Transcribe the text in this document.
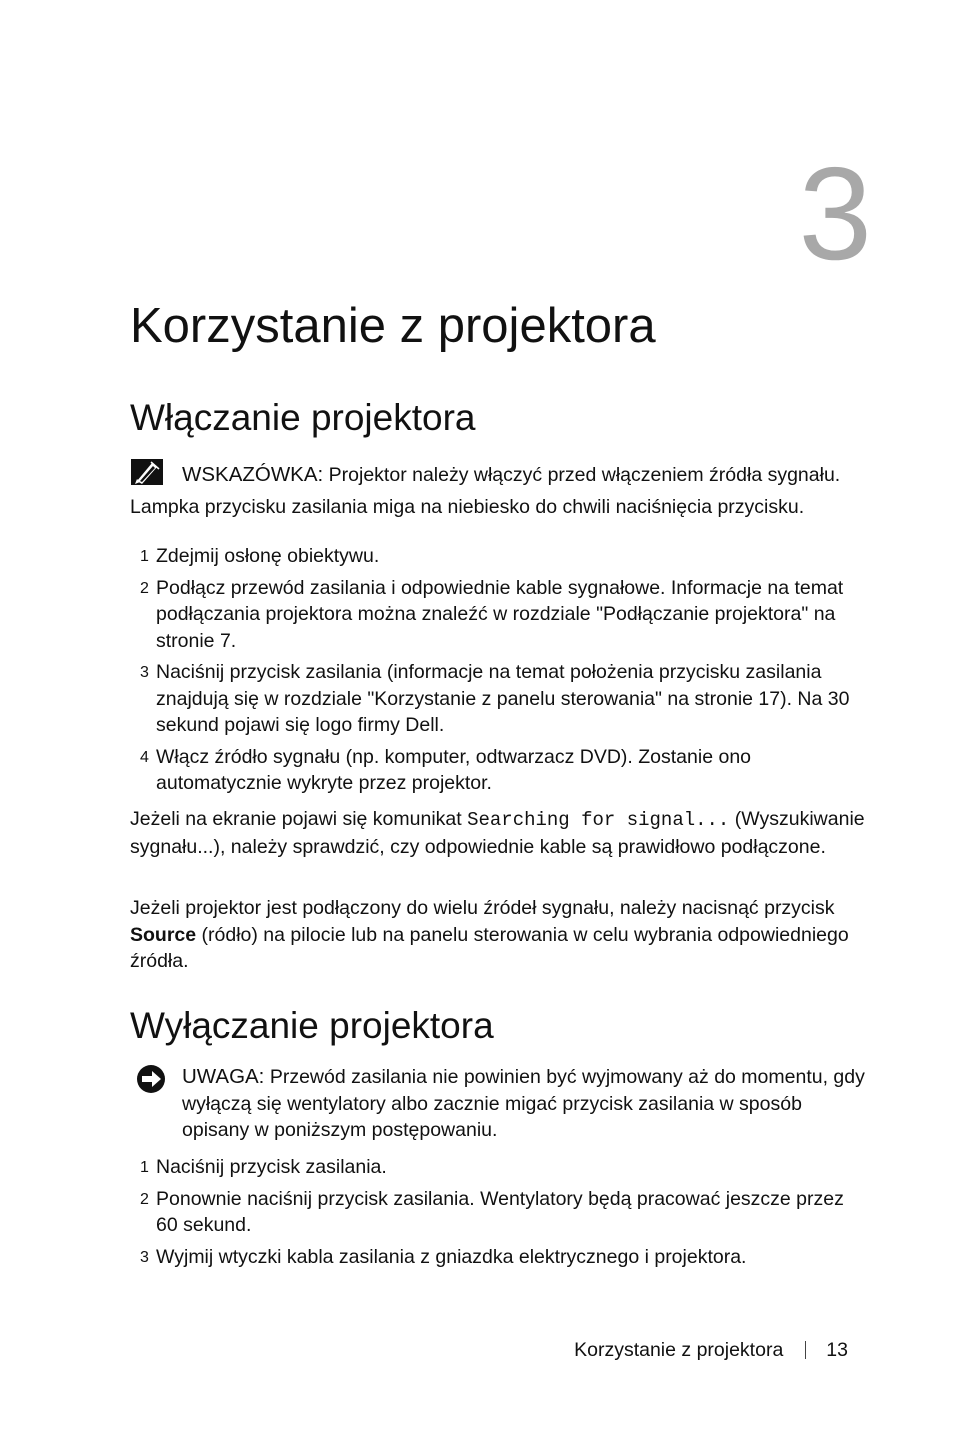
3
Korzystanie z projektora
Włączanie projektora
WSKAZÓWKA: Projektor należy włączyć przed włączeniem źródła sygnału. Lampka przycisku zasilania miga na niebiesko do chwili naciśnięcia przycisku.
1 Zdejmij osłonę obiektywu.
2 Podłącz przewód zasilania i odpowiednie kable sygnałowe. Informacje na temat podłączania projektora można znaleźć w rozdziale "Podłączanie projektora" na stronie 7.
3 Naciśnij przycisk zasilania (informacje na temat położenia przycisku zasilania znajdują się w rozdziale "Korzystanie z panelu sterowania" na stronie 17). Na 30 sekund pojawi się logo firmy Dell.
4 Włącz źródło sygnału (np. komputer, odtwarzacz DVD). Zostanie ono automatycznie wykryte przez projektor.

Jeżeli na ekranie pojawi się komunikat Searching for signal... (Wyszukiwanie sygnału...), należy sprawdzić, czy odpowiednie kable są prawidłowo podłączone.

Jeżeli projektor jest podłączony do wielu źródeł sygnału, należy nacisnąć przycisk Source (ródło) na pilocie lub na panelu sterowania w celu wybrania odpowiedniego źródła.

Wyłączanie projektora
UWAGA: Przewód zasilania nie powinien być wyjmowany aż do momentu, gdy wyłączą się wentylatory albo zacznie migać przycisk zasilania w sposób opisany w poniższym postępowaniu.
1 Naciśnij przycisk zasilania.
2 Ponownie naciśnij przycisk zasilania. Wentylatory będą pracować jeszcze przez 60 sekund.
3 Wyjmij wtyczki kabla zasilania z gniazdka elektrycznego i projektora.
Korzystanie z projektora 13
